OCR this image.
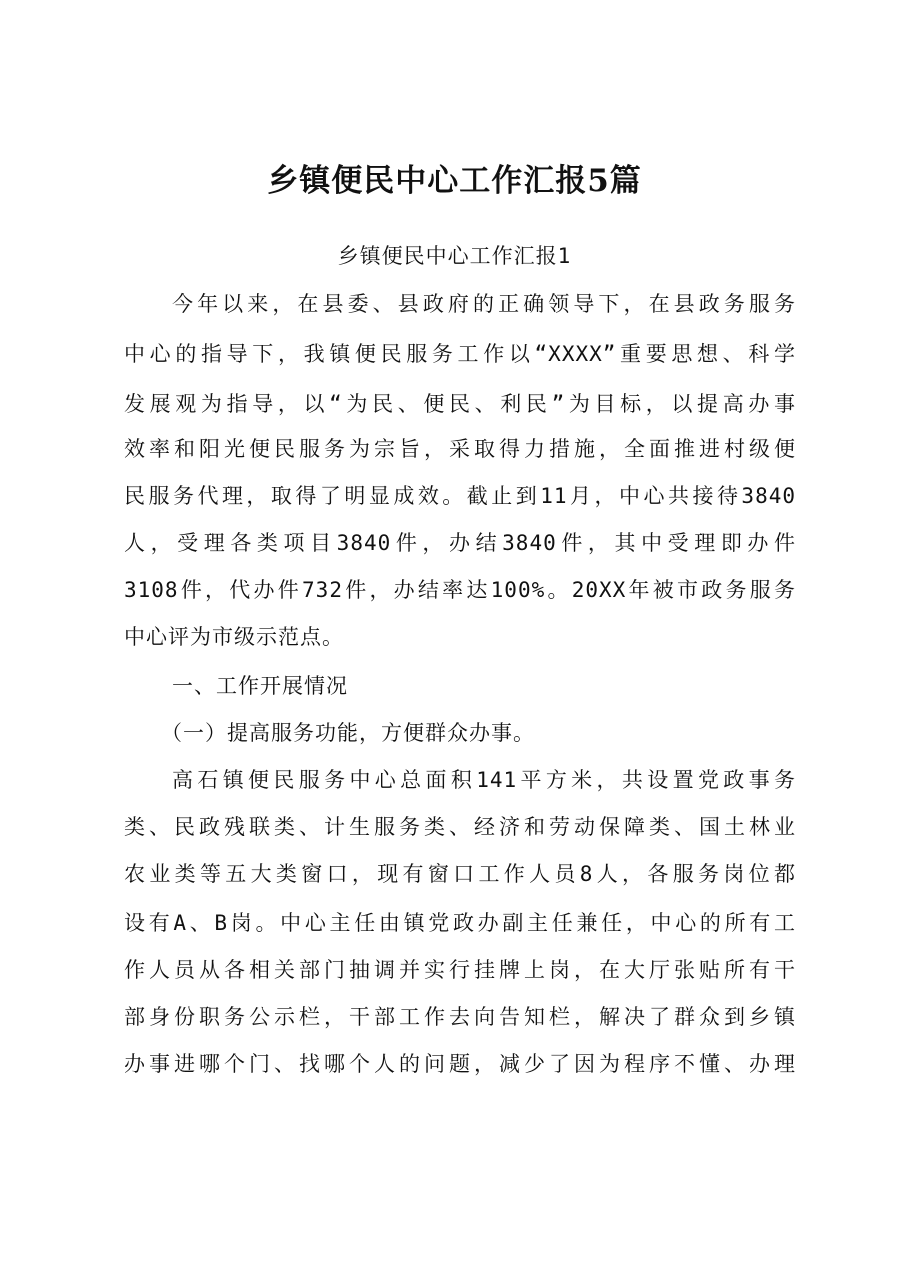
乡镇便民中心工作汇报5篇
乡镇便民中心工作汇报1
今年以来，在县委、县政府的正确领导下，在县政务服务
中心的指导下，我镇便民服务工作以“XXXX”重要思想、科学
发展观为指导，以“为民、便民、利民”为目标，以提高办事
效率和阳光便民服务为宗旨，采取得力措施，全面推进村级便
民服务代理，取得了明显成效。截止到11月，中心共接待3840
人，受理各类项目3840件，办结3840件，其中受理即办件
3108件，代办件732件，办结率达100%。20XX年被市政务服务
中心评为市级示范点。
一、工作开展情况
（一）提高服务功能，方便群众办事。
高石镇便民服务中心总面积141平方米，共设置党政事务
类、民政残联类、计生服务类、经济和劳动保障类、国土林业
农业类等五大类窗口，现有窗口工作人员8人，各服务岗位都
设有A、B岗。中心主任由镇党政办副主任兼任，中心的所有工
作人员从各相关部门抽调并实行挂牌上岗，在大厅张贴所有干
部身份职务公示栏，干部工作去向告知栏，解决了群众到乡镇
办事进哪个门、找哪个人的问题，减少了因为程序不懂、办理
